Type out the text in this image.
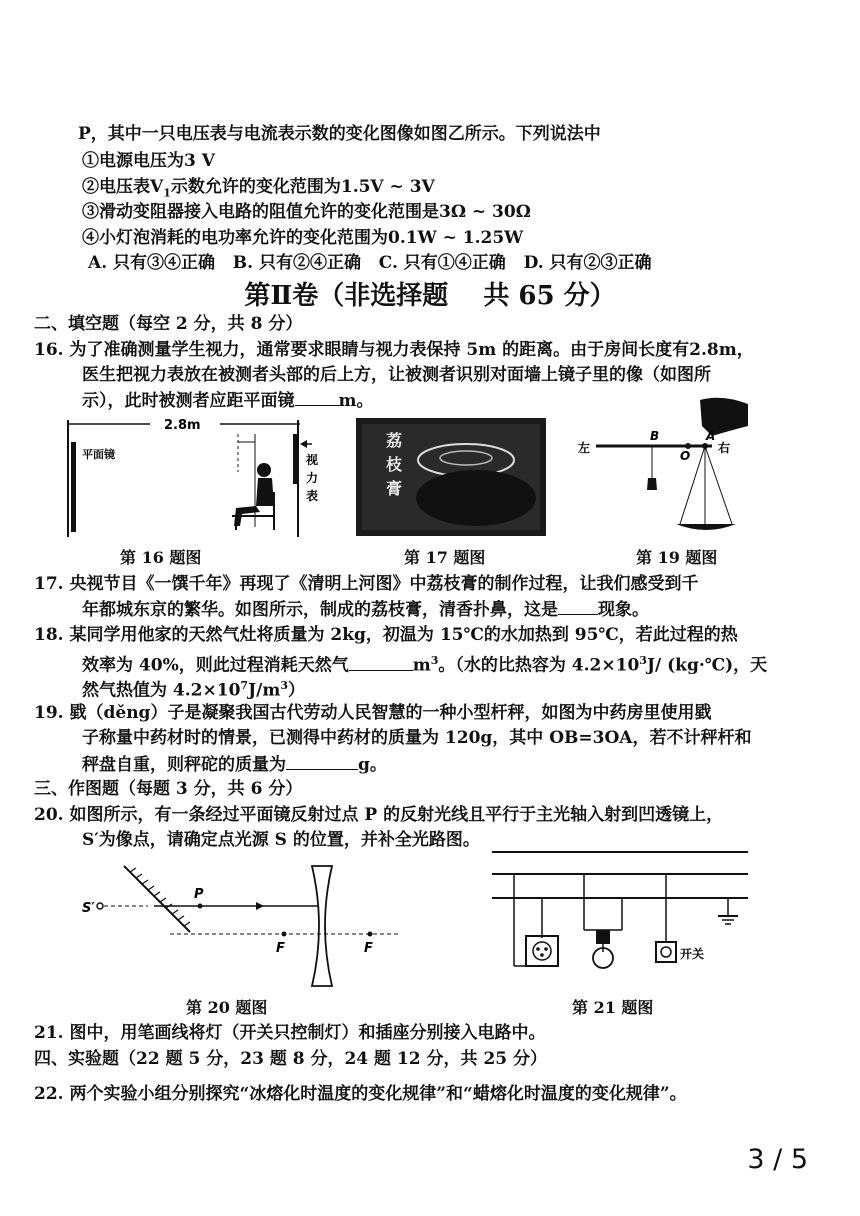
P，其中一只电压表与电流表示数的变化图像如图乙所示。下列说法中
①电源电压为3 V
②电压表$V_1$示数允许的变化范围为1.5V ~ 3V
③滑动变阻器接入电路的阻值允许的变化范围是3Ω ~ 30Ω
④小灯泡消耗的电功率允许的变化范围为0.1W ~ 1.25W
A. 只有③④正确   B. 只有②④正确   C. 只有①④正确   D. 只有②③正确
第Ⅱ卷（非选择题　 共 65 分）
二、填空题（每空 2 分，共 8 分）
16. 为了准确测量学生视力，通常要求眼睛与视力表保持 5m 的距离。由于房间长度有2.8m，
医生把视力表放在被测者头部的后上方，让被测者识别对面墙上镜子里的像（如图所
示），此时被测者应距平面镜	m。
2.8m
平面镜	视
力
表
第 16 题图
荔
枝
膏
第 17 题图
左	右
B	A
O
第 19 题图
17. 央视节目《一馔千年》再现了《清明上河图》中荔枝膏的制作过程，让我们感受到千
年都城东京的繁华。如图所示，制成的荔枝膏，清香扑鼻，这是 现象。
18. 某同学用他家的天然气灶将质量为 2kg，初温为 15℃的水加热到 95℃，若此过程的热
效率为 40%，则此过程消耗天然气	$m^3$。（水的比热容为 $4.2\times 10^3J/$ (kg·℃)，天
然气热值为 $4.2\times 10^7J/m^3$）
19. 戥（děng）子是凝聚我国古代劳动人民智慧的一种小型杆秤，如图为中药房里使用戥
子称量中药材时的情景，已测得中药材的质量为 120g，其中 OB=3OA，若不计秤杆和
秤盘自重，则秤砣的质量为	g。
三、作图题（每题 3 分，共 6 分）
20. 如图所示，有一条经过平面镜反射过点 P 的反射光线且平行于主光轴入射到凹透镜上，
S′为像点，请确定点光源 S 的位置，并补全光路图。
S′
P
F	F
第 20 题图
开关
第 21 题图
21. 图中，用笔画线将灯（开关只控制灯）和插座分别接入电路中。
四、实验题（22 题 5 分，23 题 8 分，24 题 12 分，共 25 分）
22. 两个实验小组分别探究“冰熔化时温度的变化规律”和“蜡熔化时温度的变化规律”。
3 / 5
